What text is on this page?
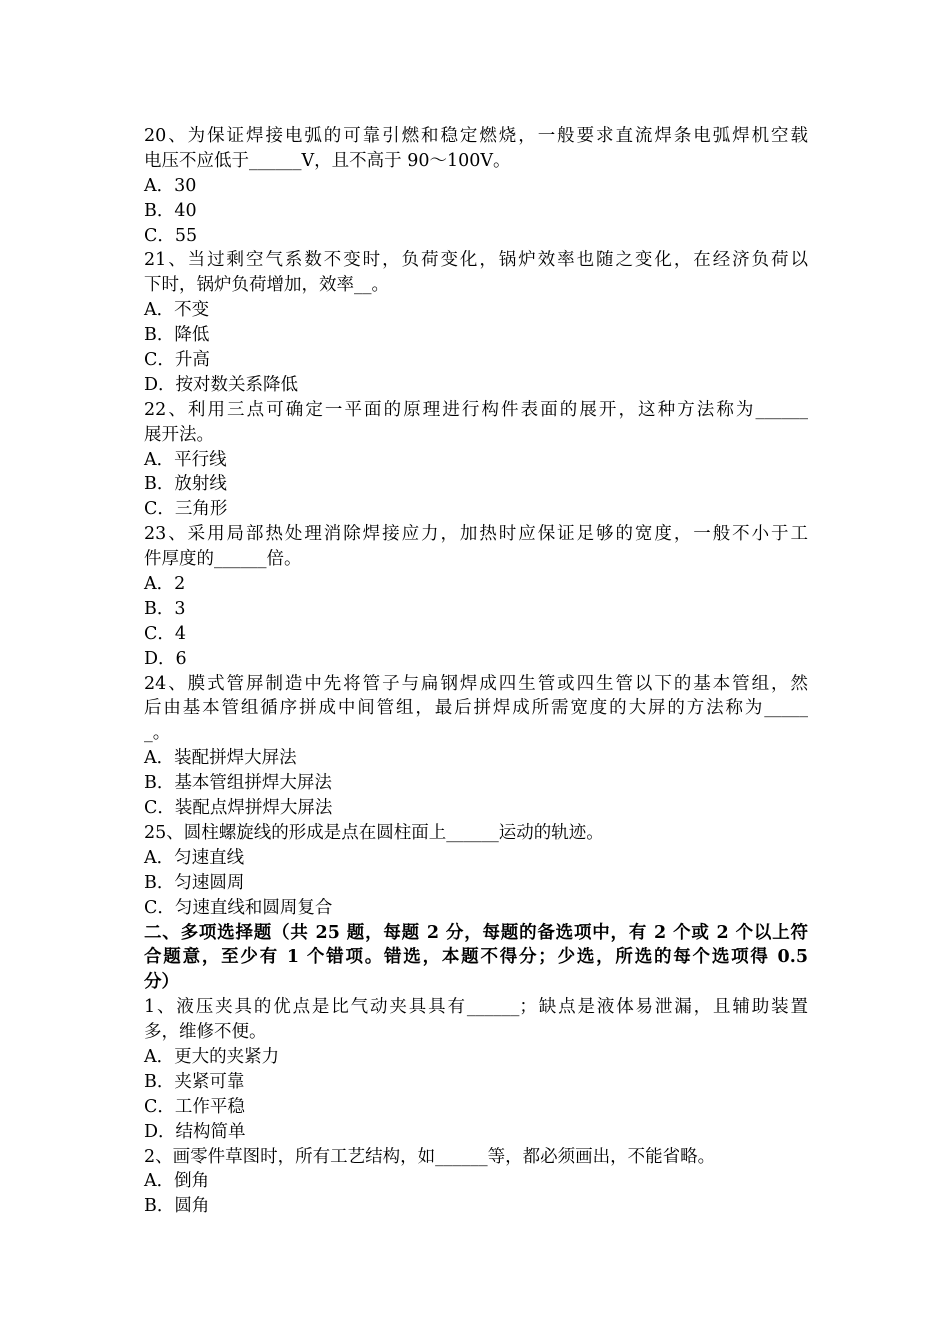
20、为保证焊接电弧的可靠引燃和稳定燃烧，一般要求直流焊条电弧焊机空载
电压不应低于______V，且不高于 90～100V。
A．30
B．40
C．55
21、当过剩空气系数不变时，负荷变化，锅炉效率也随之变化，在经济负荷以
下时，锅炉负荷增加，效率__。
A．不变
B．降低
C．升高
D．按对数关系降低
22、利用三点可确定一平面的原理进行构件表面的展开，这种方法称为______
展开法。
A．平行线
B．放射线
C．三角形
23、采用局部热处理消除焊接应力，加热时应保证足够的宽度，一般不小于工
件厚度的______倍。
A．2
B．3
C．4
D．6
24、膜式管屏制造中先将管子与扁钢焊成四生管或四生管以下的基本管组，然
后由基本管组循序拼成中间管组，最后拼焊成所需宽度的大屏的方法称为_____
_。
A．装配拼焊大屏法
B．基本管组拼焊大屏法
C．装配点焊拼焊大屏法
25、圆柱螺旋线的形成是点在圆柱面上______运动的轨迹。
A．匀速直线
B．匀速圆周
C．匀速直线和圆周复合
二、多项选择题（共 25 题，每题 2 分，每题的备选项中，有 2 个或 2 个以上符
合题意，至少有 1 个错项。错选，本题不得分；少选，所选的每个选项得 0.5
分）
1、液压夹具的优点是比气动夹具具有______；缺点是液体易泄漏，且辅助装置
多，维修不便。
A．更大的夹紧力
B．夹紧可靠
C．工作平稳
D．结构简单
2、画零件草图时，所有工艺结构，如______等，都必须画出，不能省略。
A．倒角
B．圆角
